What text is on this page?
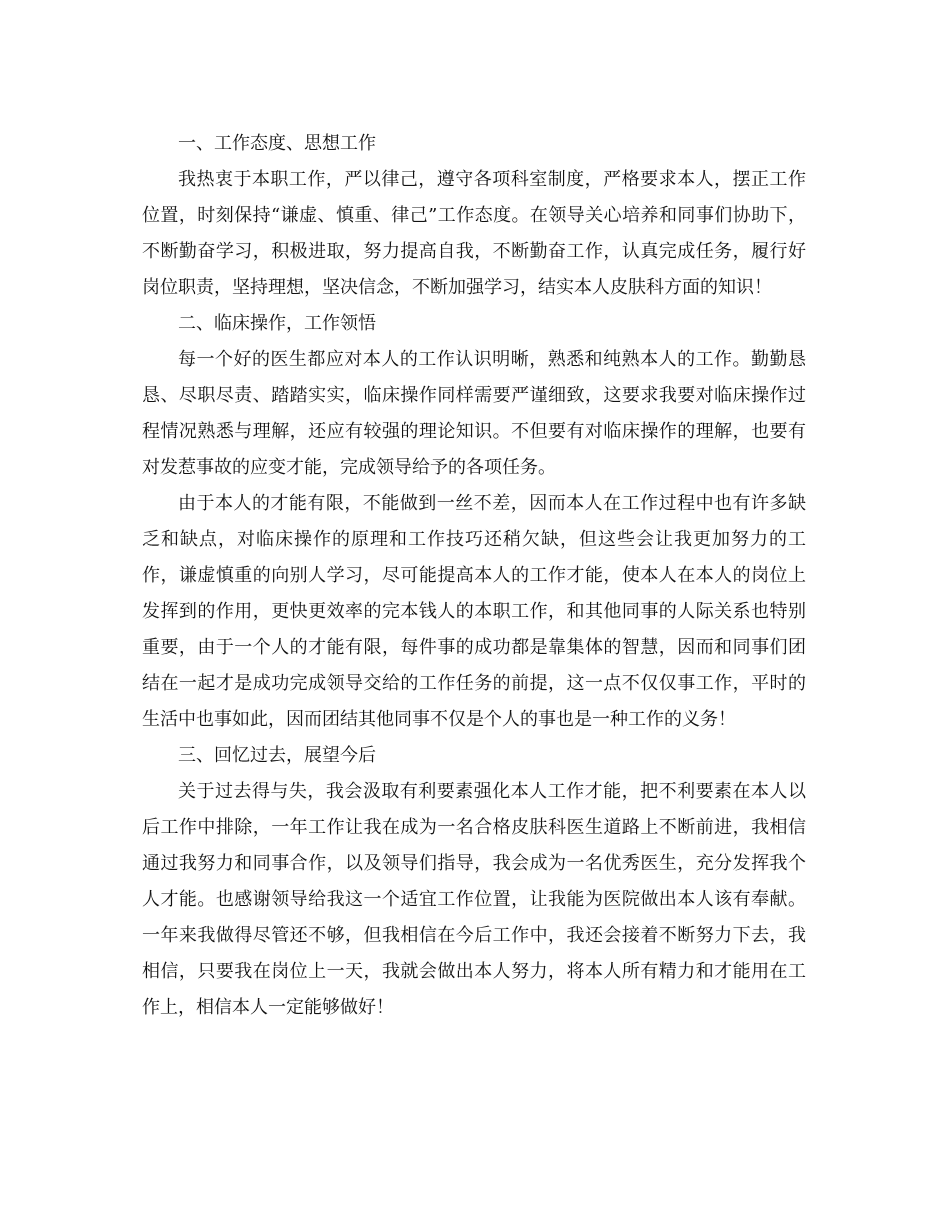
一、工作态度、思想工作

我热衷于本职工作，严以律己，遵守各项科室制度，严格要求本人，摆正工作位置，时刻保持“谦虚、慎重、律己”工作态度。在领导关心培养和同事们协助下，不断勤奋学习，积极进取，努力提高自我，不断勤奋工作，认真完成任务，履行好岗位职责，坚持理想，坚决信念，不断加强学习，结实本人皮肤科方面的知识！

二、临床操作，工作领悟

每一个好的医生都应对本人的工作认识明晰，熟悉和纯熟本人的工作。勤勤恳恳、尽职尽责、踏踏实实，临床操作同样需要严谨细致，这要求我要对临床操作过程情况熟悉与理解，还应有较强的理论知识。不但要有对临床操作的理解，也要有对发惹事故的应变才能，完成领导给予的各项任务。

由于本人的才能有限，不能做到一丝不差，因而本人在工作过程中也有许多缺乏和缺点，对临床操作的原理和工作技巧还稍欠缺，但这些会让我更加努力的工作，谦虚慎重的向别人学习，尽可能提高本人的工作才能，使本人在本人的岗位上发挥到的作用，更快更效率的完本钱人的本职工作，和其他同事的人际关系也特别重要，由于一个人的才能有限，每件事的成功都是靠集体的智慧，因而和同事们团结在一起才是成功完成领导交给的工作任务的前提，这一点不仅仅事工作，平时的生活中也事如此，因而团结其他同事不仅是个人的事也是一种工作的义务！

三、回忆过去，展望今后

关于过去得与失，我会汲取有利要素强化本人工作才能，把不利要素在本人以后工作中排除，一年工作让我在成为一名合格皮肤科医生道路上不断前进，我相信通过我努力和同事合作，以及领导们指导，我会成为一名优秀医生，充分发挥我个人才能。也感谢领导给我这一个适宜工作位置，让我能为医院做出本人该有奉献。一年来我做得尽管还不够，但我相信在今后工作中，我还会接着不断努力下去，我相信，只要我在岗位上一天，我就会做出本人努力，将本人所有精力和才能用在工作上，相信本人一定能够做好！
